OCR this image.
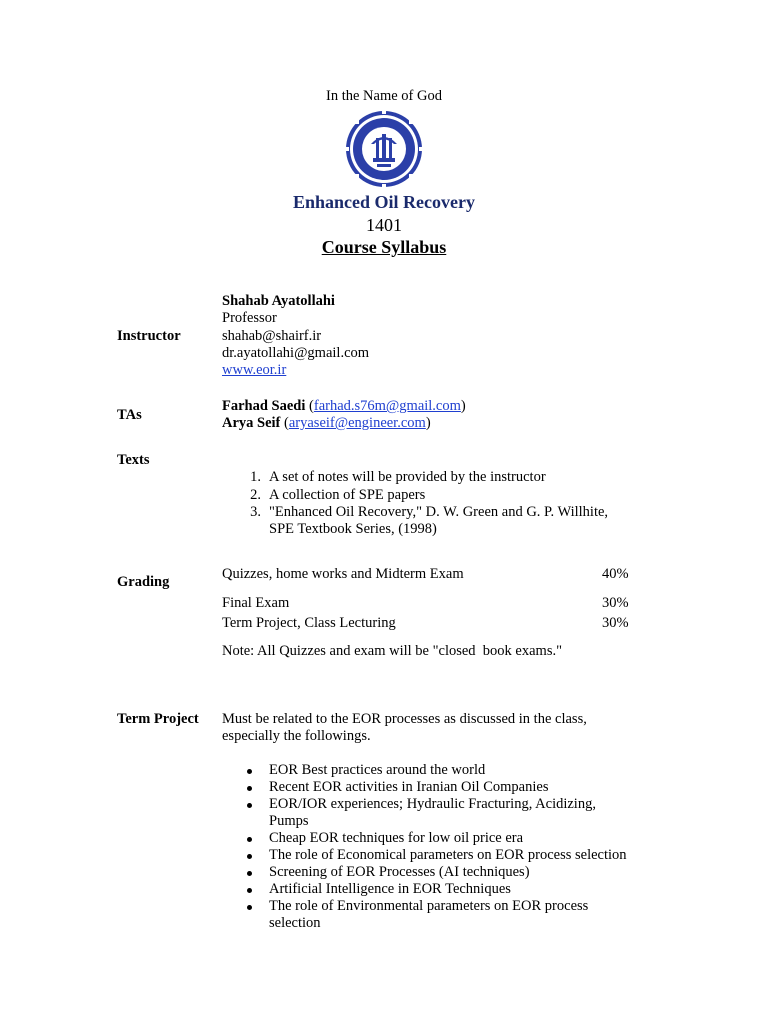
In the Name of God
Enhanced Oil Recovery
1401
Course Syllabus
Instructor
Shahab Ayatollahi
Professor
shahab@shairf.ir
dr.ayatollahi@gmail.com
www.eor.ir
TAs
Farhad Saedi (farhad.s76m@gmail.com)
Arya Seif (aryaseif@engineer.com)
Texts
1. A set of notes will be provided by the instructor
2. A collection of SPE papers
3. "Enhanced Oil Recovery," D. W. Green and G. P. Willhite,
SPE Textbook Series, (1998)
Grading	Quizzes, home works and Midterm Exam	40%
Final Exam	30%
Term Project, Class Lecturing	30%
Note: All Quizzes and exam will be "closed  book exams."
Term Project Must be related to the EOR processes as discussed in the class,
especially the followings.
EOR Best practices around the world
Recent EOR activities in Iranian Oil Companies
EOR/IOR experiences; Hydraulic Fracturing, Acidizing,
Pumps
Cheap EOR techniques for low oil price era
The role of Economical parameters on EOR process selection
Screening of EOR Processes (AI techniques)
Artificial Intelligence in EOR Techniques
The role of Environmental parameters on EOR process
selection
